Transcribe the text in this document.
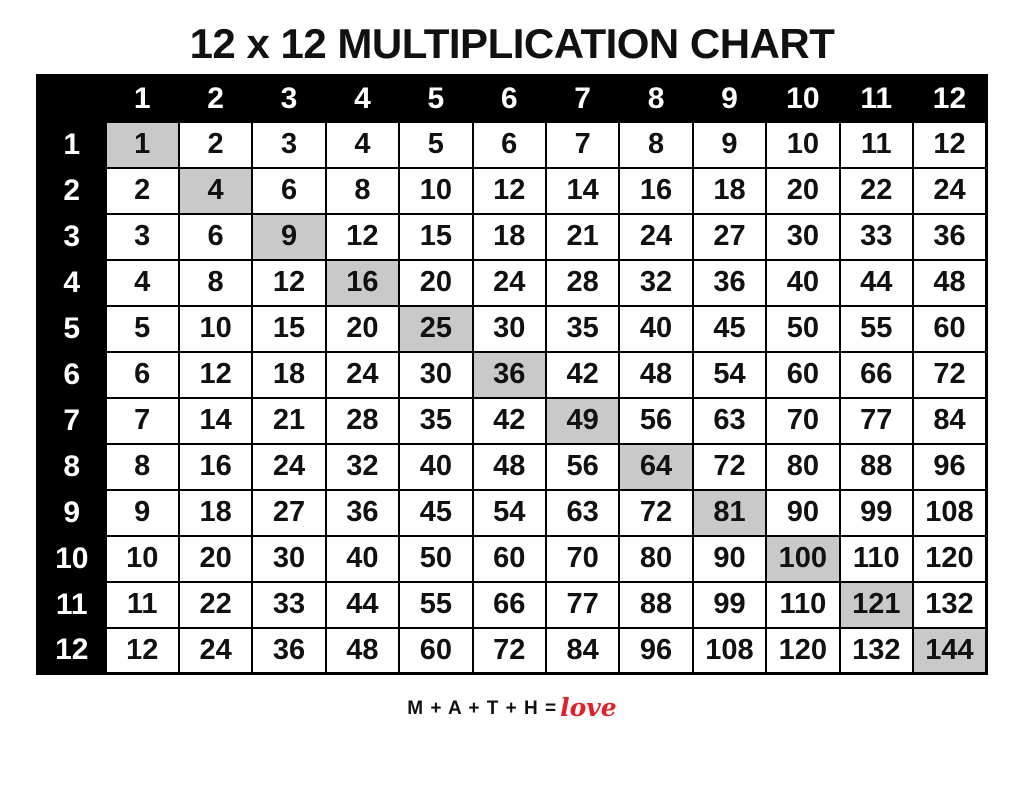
12 x 12 MULTIPLICATION CHART
	1	2	3	4	5	6	7	8	9	10	11	12
1	1	2	3	4	5	6	7	8	9	10	11	12
2	2	4	6	8	10	12	14	16	18	20	22	24
3	3	6	9	12	15	18	21	24	27	30	33	36
4	4	8	12	16	20	24	28	32	36	40	44	48
5	5	10	15	20	25	30	35	40	45	50	55	60
6	6	12	18	24	30	36	42	48	54	60	66	72
7	7	14	21	28	35	42	49	56	63	70	77	84
8	8	16	24	32	40	48	56	64	72	80	88	96
9	9	18	27	36	45	54	63	72	81	90	99	108
10	10	20	30	40	50	60	70	80	90	100	110	120
11	11	22	33	44	55	66	77	88	99	110	121	132
12	12	24	36	48	60	72	84	96	108	120	132	144
M + A + T + H = love
